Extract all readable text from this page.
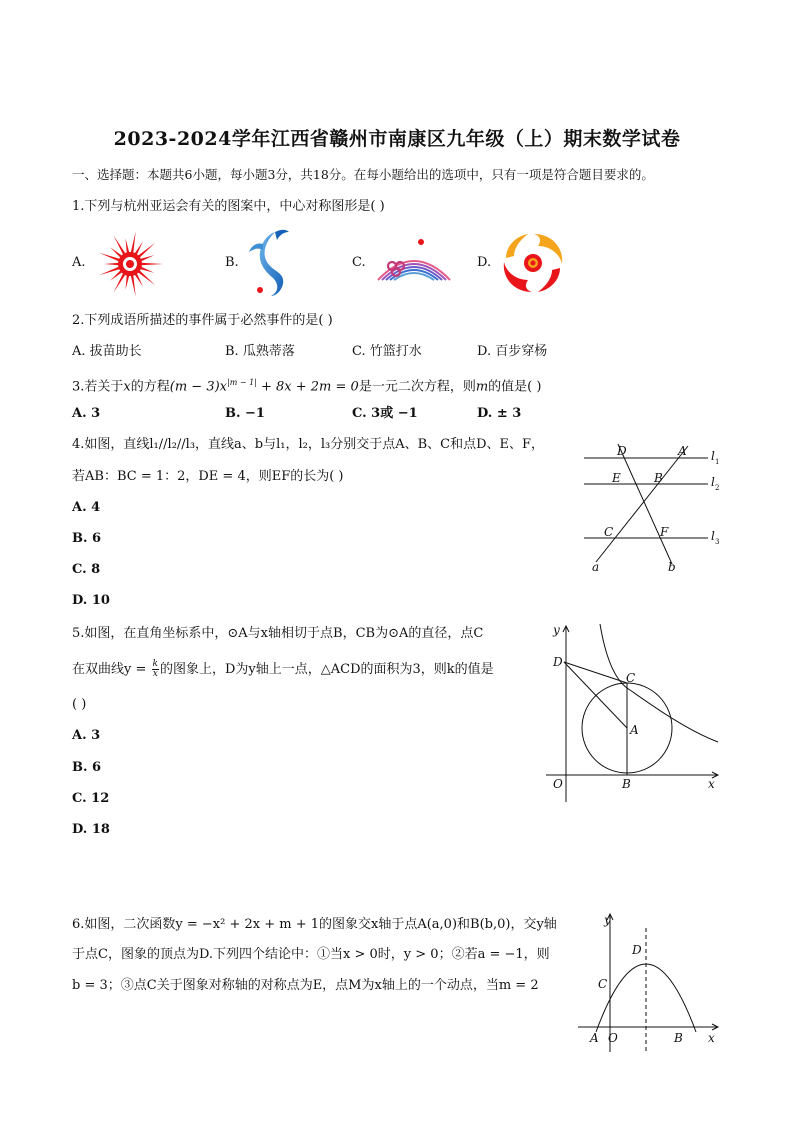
2023-2024学年江西省赣州市南康区九年级（上）期末数学试卷
一、选择题：本题共6小题，每小题3分，共18分。在每小题给出的选项中，只有一项是符合题目要求的。
1.下列与杭州亚运会有关的图案中，中心对称图形是( )
A.	B.	C.	D.
2.下列成语所描述的事件属于必然事件的是( )
A. 拔苗助长	B. 瓜熟蒂落	C. 竹篮打水	D. 百步穿杨
3.若关于x的方程$(m - 3)x^{|m - 1|} + 8x + 2m = 0$是一元二次方程，则m的值是( )
A. 3	B. −1	C. 3或 −1	D. ± 3
4.如图，直线l₁//l₂//l₃，直线a、b与l₁，l₂，l₃分别交于点A、B、C和点D、E、F，
若AB：BC = 1：2，DE = 4，则EF的长为( )
A. 4
B. 6
C. 8
D. 10
D	A
E	B
C	F
l 1
l 2
l 3
a	b
5.如图，在直角坐标系中，⊙A与x轴相切于点B，CB为⊙A的直径，点C
在双曲线$y = \frac{k}{x}$ 的图象上，D为y轴上一点，△ACD的面积为3，则k的值是
( )
A. 3
B. 6
C. 12
D. 18
y
x
O	B
A
C
D
6.如图，二次函数y = −x² + 2x + m + 1的图象交x轴于点A(a,0)和B(b,0)，交y轴
于点C，图象的顶点为D.下列四个结论中：①当x > 0时，y > 0；②若a = −1，则
b = 3；③点C关于图象对称轴的对称点为E，点M为x轴上的一个动点，当m = 2
y
x
O
A	B
C
D
